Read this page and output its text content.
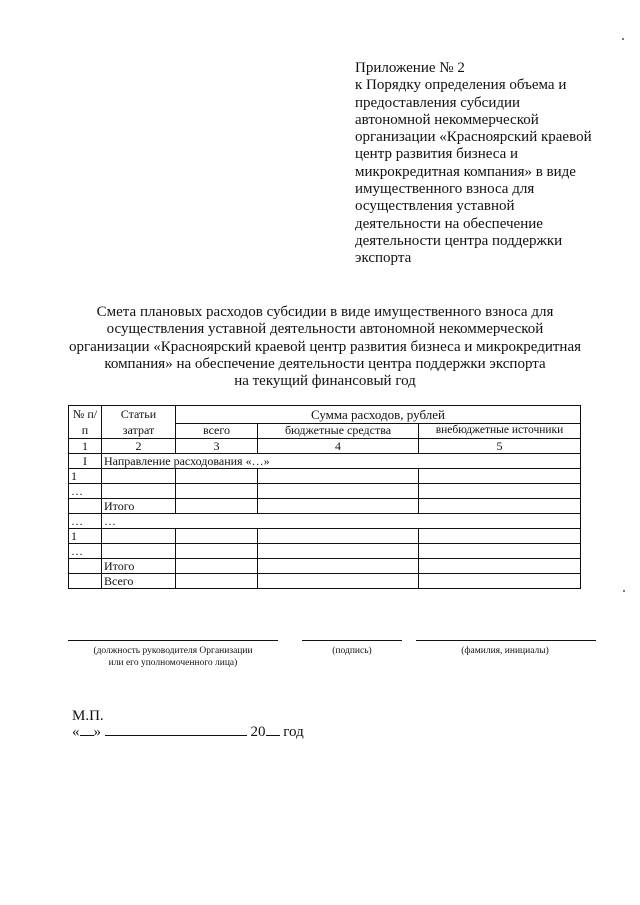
Приложение № 2
к Порядку определения объема и
предоставления субсидии
автономной некоммерческой
организации «Красноярский краевой
центр развития бизнеса и
микрокредитная компания» в виде
имущественного взноса для
осуществления уставной
деятельности на обеспечение
деятельности центра поддержки
экспорта
Смета плановых расходов субсидии в виде имущественного взноса для
осуществления уставной деятельности автономной некоммерческой
организации «Красноярский краевой центр развития бизнеса и микрокредитная
компания» на обеспечение деятельности центра поддержки экспорта
на текущий финансовый год
№ п/п	Статьи затрат	Сумма расходов, рублей		
		всего	бюджетные средства	внебюджетные источники
1	2	3	4	5
I	Направление расходования «…»			
1				
…				
	Итого			
…	…			
1				
…				
	Итого			
	Всего			
(должность руководителя Организации
или его уполномоченного лица)
(подпись)	(фамилия, инициалы)
М.П.
« »	20 год
